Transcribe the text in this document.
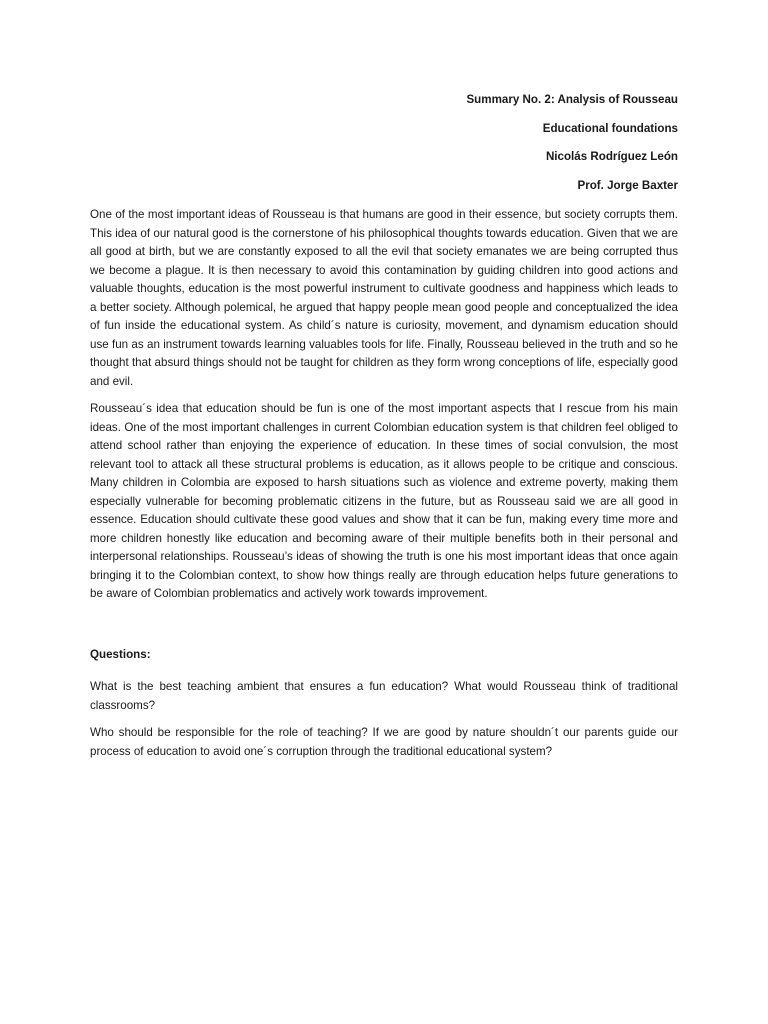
Summary No. 2: Analysis of Rousseau

Educational foundations

Nicolás Rodríguez León

Prof. Jorge Baxter

One of the most important ideas of Rousseau is that humans are good in their essence, but society corrupts them. This idea of our natural good is the cornerstone of his philosophical thoughts towards education. Given that we are all good at birth, but we are constantly exposed to all the evil that society emanates we are being corrupted thus we become a plague. It is then necessary to avoid this contamination by guiding children into good actions and valuable thoughts, education is the most powerful instrument to cultivate goodness and happiness which leads to a better society. Although polemical, he argued that happy people mean good people and conceptualized the idea of fun inside the educational system. As child´s nature is curiosity, movement, and dynamism education should use fun as an instrument towards learning valuables tools for life. Finally, Rousseau believed in the truth and so he thought that absurd things should not be taught for children as they form wrong conceptions of life, especially good and evil.

Rousseau´s idea that education should be fun is one of the most important aspects that I rescue from his main ideas. One of the most important challenges in current Colombian education system is that children feel obliged to attend school rather than enjoying the experience of education. In these times of social convulsion, the most relevant tool to attack all these structural problems is education, as it allows people to be critique and conscious. Many children in Colombia are exposed to harsh situations such as violence and extreme poverty, making them especially vulnerable for becoming problematic citizens in the future, but as Rousseau said we are all good in essence. Education should cultivate these good values and show that it can be fun, making every time more and more children honestly like education and becoming aware of their multiple benefits both in their personal and interpersonal relationships. Rousseau’s ideas of showing the truth is one his most important ideas that once again bringing it to the Colombian context, to show how things really are through education helps future generations to be aware of Colombian problematics and actively work towards improvement.

Questions:

What is the best teaching ambient that ensures a fun education? What would Rousseau think of traditional classrooms?

Who should be responsible for the role of teaching? If we are good by nature shouldn´t our parents guide our process of education to avoid one´s corruption through the traditional educational system?
